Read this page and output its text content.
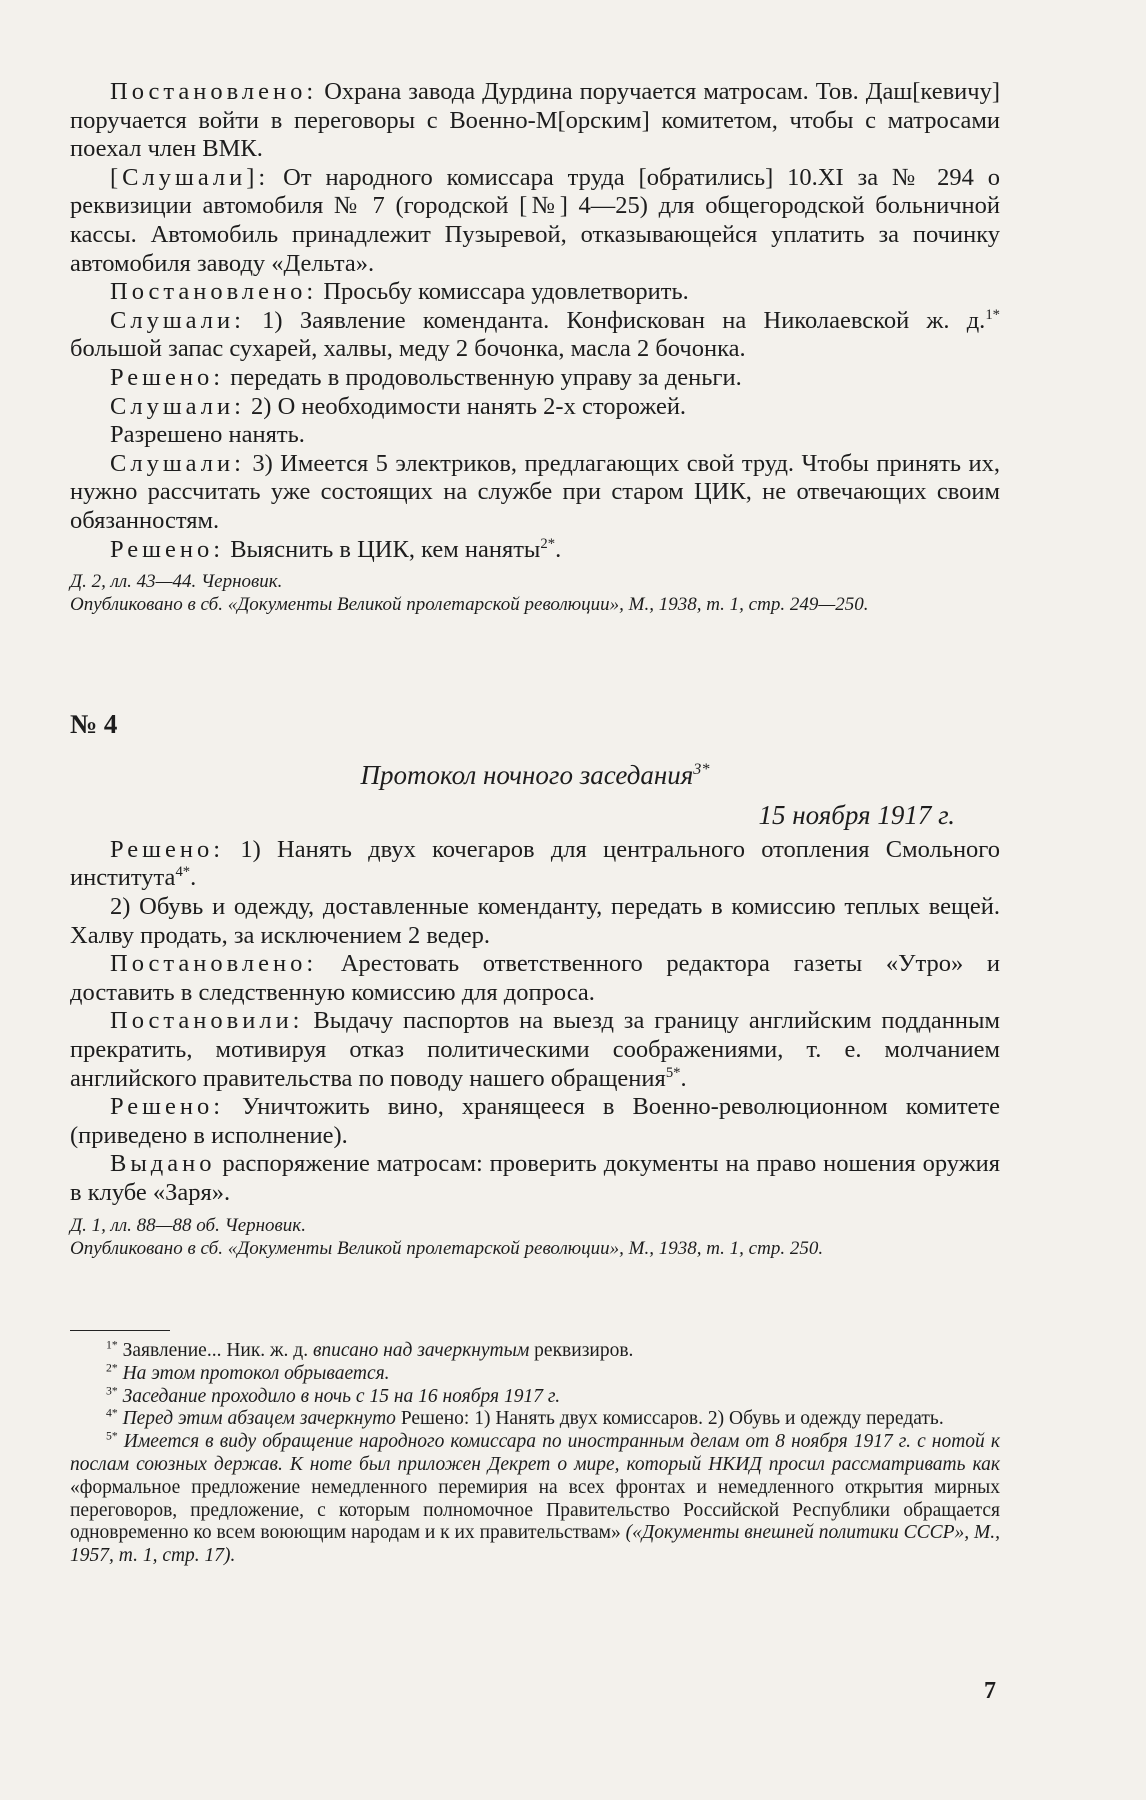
Постановлено: Охрана завода Дурдина поручается матросам. Тов. Даш[кевичу] поручается войти в переговоры с Военно-М[орским] комитетом, чтобы с матросами поехал член ВМК.

[Слушали]: От народного комиссара труда [обратились] 10.XI за № 294 о реквизиции автомобиля № 7 (городской [№] 4—25) для общегородской больничной кассы. Автомобиль принадлежит Пузыревой, отказывающейся уплатить за починку автомобиля заводу «Дельта».

Постановлено: Просьбу комиссара удовлетворить.

Слушали: 1) Заявление коменданта. Конфискован на Николаевской ж. д.$^{1*}$ большой запас сухарей, халвы, меду 2 бочонка, масла 2 бочонка.

Решено: передать в продовольственную управу за деньги.

Слушали: 2) О необходимости нанять 2-х сторожей.

Разрешено нанять.

Слушали: 3) Имеется 5 электриков, предлагающих свой труд. Чтобы принять их, нужно рассчитать уже состоящих на службе при старом ЦИК, не отвечающих своим обязанностям.

Решено: Выяснить в ЦИК, кем наняты$^{2*}$.

Д. 2, лл. 43—44. Черновик.

Опубликовано в сб. «Документы Великой пролетарской революции», М., 1938, т. 1, стр. 249—250.

№ 4
Протокол ночного заседания$^{3*}$
15 ноября 1917 г.

Решено: 1) Нанять двух кочегаров для центрального отопления Смольного института$^{4*}$.

2) Обувь и одежду, доставленные коменданту, передать в комиссию теплых вещей. Халву продать, за исключением 2 ведер.

Постановлено: Арестовать ответственного редактора газеты «Утро» и доставить в следственную комиссию для допроса.

Постановили: Выдачу паспортов на выезд за границу английским подданным прекратить, мотивируя отказ политическими соображениями, т. е. молчанием английского правительства по поводу нашего обращения$^{5*}$.

Решено: Уничтожить вино, хранящееся в Военно-революционном комитете (приведено в исполнение).

Выдано распоряжение матросам: проверить документы на право ношения оружия в клубе «Заря».

Д. 1, лл. 88—88 об. Черновик.

Опубликовано в сб. «Документы Великой пролетарской революции», М., 1938, т. 1, стр. 250.

$^{1*}$ Заявление... Ник. ж. д. вписано над зачеркнутым реквизиров.

$^{2*}$ На этом протокол обрывается.

$^{3*}$ Заседание проходило в ночь с 15 на 16 ноября 1917 г.

$^{4*}$ Перед этим абзацем зачеркнуто Решено: 1) Нанять двух комиссаров. 2) Обувь и одежду передать.

$^{5*}$ Имеется в виду обращение народного комиссара по иностранным делам от 8 ноября 1917 г. с нотой к послам союзных держав. К ноте был приложен Декрет о мире, который НКИД просил рассматривать как «формальное предложение немедленного перемирия на всех фронтах и немедленного открытия мирных переговоров, предложение, с которым полномочное Правительство Российской Республики обращается одновременно ко всем воюющим народам и к их правительствам» («Документы внешней политики СССР», М., 1957, т. 1, стр. 17).

7
